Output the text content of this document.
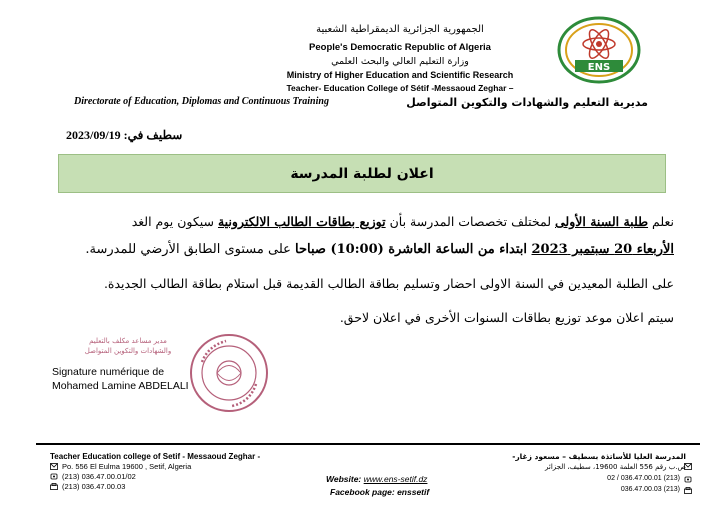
الجمهورية الجزائرية الديمقراطية الشعبية
People's Democratic Republic of Algeria
وزارة التعليم العالي والبحث العلمي
Ministry of Higher Education and Scientific Research
Teacher- Education College of Sétif -Messaoud Zeghar –
ENS
Directorate of Education, Diplomas and Continuous Training	مديرية التعليم والشهادات والتكوين المتواصل
سطيف في: 2023/09/19
اعلان لطلبة المدرسة
نعلم طلبة السنة الأولى لمختلف تخصصات المدرسة بأن توزيع بطاقات الطالب الالكترونية سيكون يوم الغد
الأربعاء 20 سبتمبر 2023 ابتداء من الساعة العاشرة (10:00) صباحا على مستوى الطابق الأرضي للمدرسة.
على الطلبة المعيدين في السنة الاولى احضار وتسليم بطاقة الطالب القديمة قبل استلام بطاقة الطالب الجديدة.
سيتم اعلان موعد توزيع بطاقات السنوات الأخرى في اعلان لاحق.
مدير مساعد مكلف بالتعليم
والشهادات والتكوين المتواصل
Signature numérique de
Mohamed Lamine ABDELALI
Teacher Education college of Setif - Messaoud Zeghar -
Po. 556 El Eulma 19600 , Setif, Algeria
(213) 036.47.00.01/02
(213) 036.47.00.03
Website: www.ens-setif.dz
Facebook page: enssetif
المدرسة العليا للأساتذة بسطيف – مسعود زغار-
ص.ب رقم 556 العلمة 19600، سطيف، الجزائر
(213) 036.47.00.01 / 02
(213) 036.47.00.03
